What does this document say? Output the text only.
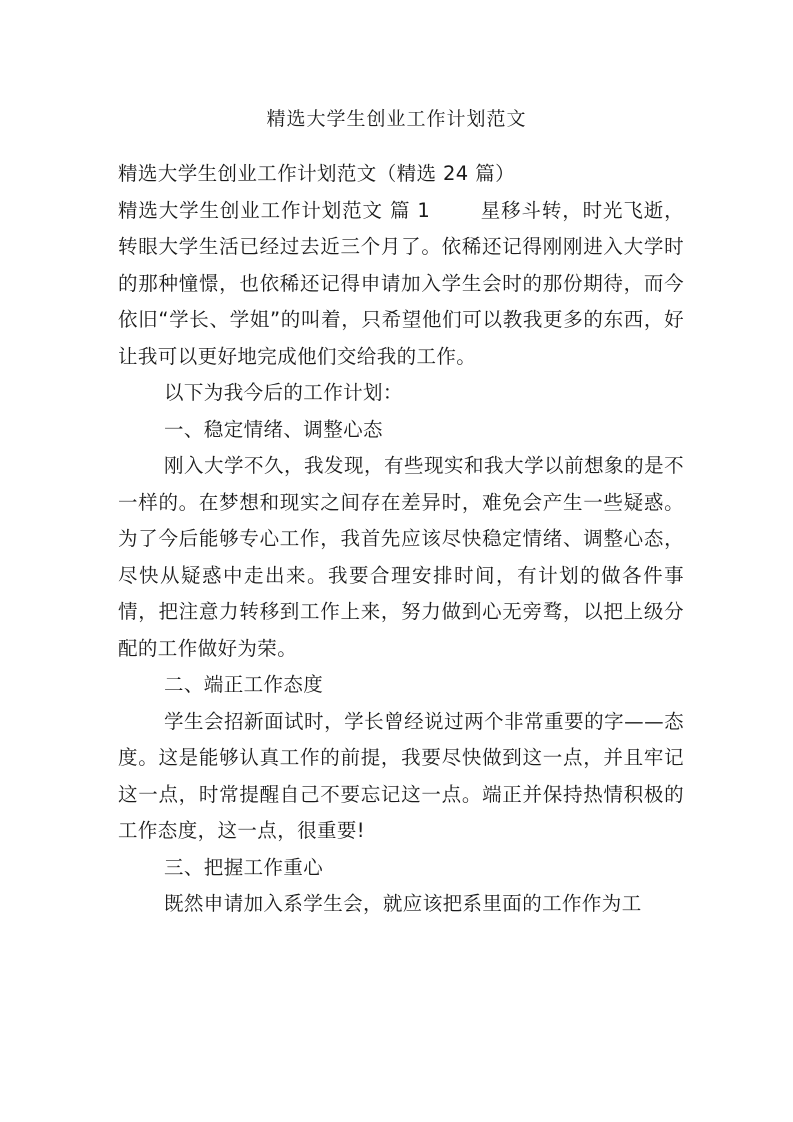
精选大学生创业工作计划范文

精选大学生创业工作计划范文（精选 24 篇）

精选大学生创业工作计划范文 篇 1	星移斗转，时光飞逝，转眼大学生活已经过去近三个月了。依稀还记得刚刚进入大学时的那种憧憬，也依稀还记得申请加入学生会时的那份期待，而今依旧“学长、学姐”的叫着，只希望他们可以教我更多的东西，好让我可以更好地完成他们交给我的工作。

以下为我今后的工作计划：

一、稳定情绪、调整心态

刚入大学不久，我发现，有些现实和我大学以前想象的是不一样的。在梦想和现实之间存在差异时，难免会产生一些疑惑。为了今后能够专心工作，我首先应该尽快稳定情绪、调整心态，尽快从疑惑中走出来。我要合理安排时间，有计划的做各件事情，把注意力转移到工作上来，努力做到心无旁骛，以把上级分配的工作做好为荣。

二、端正工作态度

学生会招新面试时，学长曾经说过两个非常重要的字——态度。这是能够认真工作的前提，我要尽快做到这一点，并且牢记这一点，时常提醒自己不要忘记这一点。端正并保持热情积极的工作态度，这一点，很重要!

三、把握工作重心

既然申请加入系学生会，就应该把系里面的工作作为工
